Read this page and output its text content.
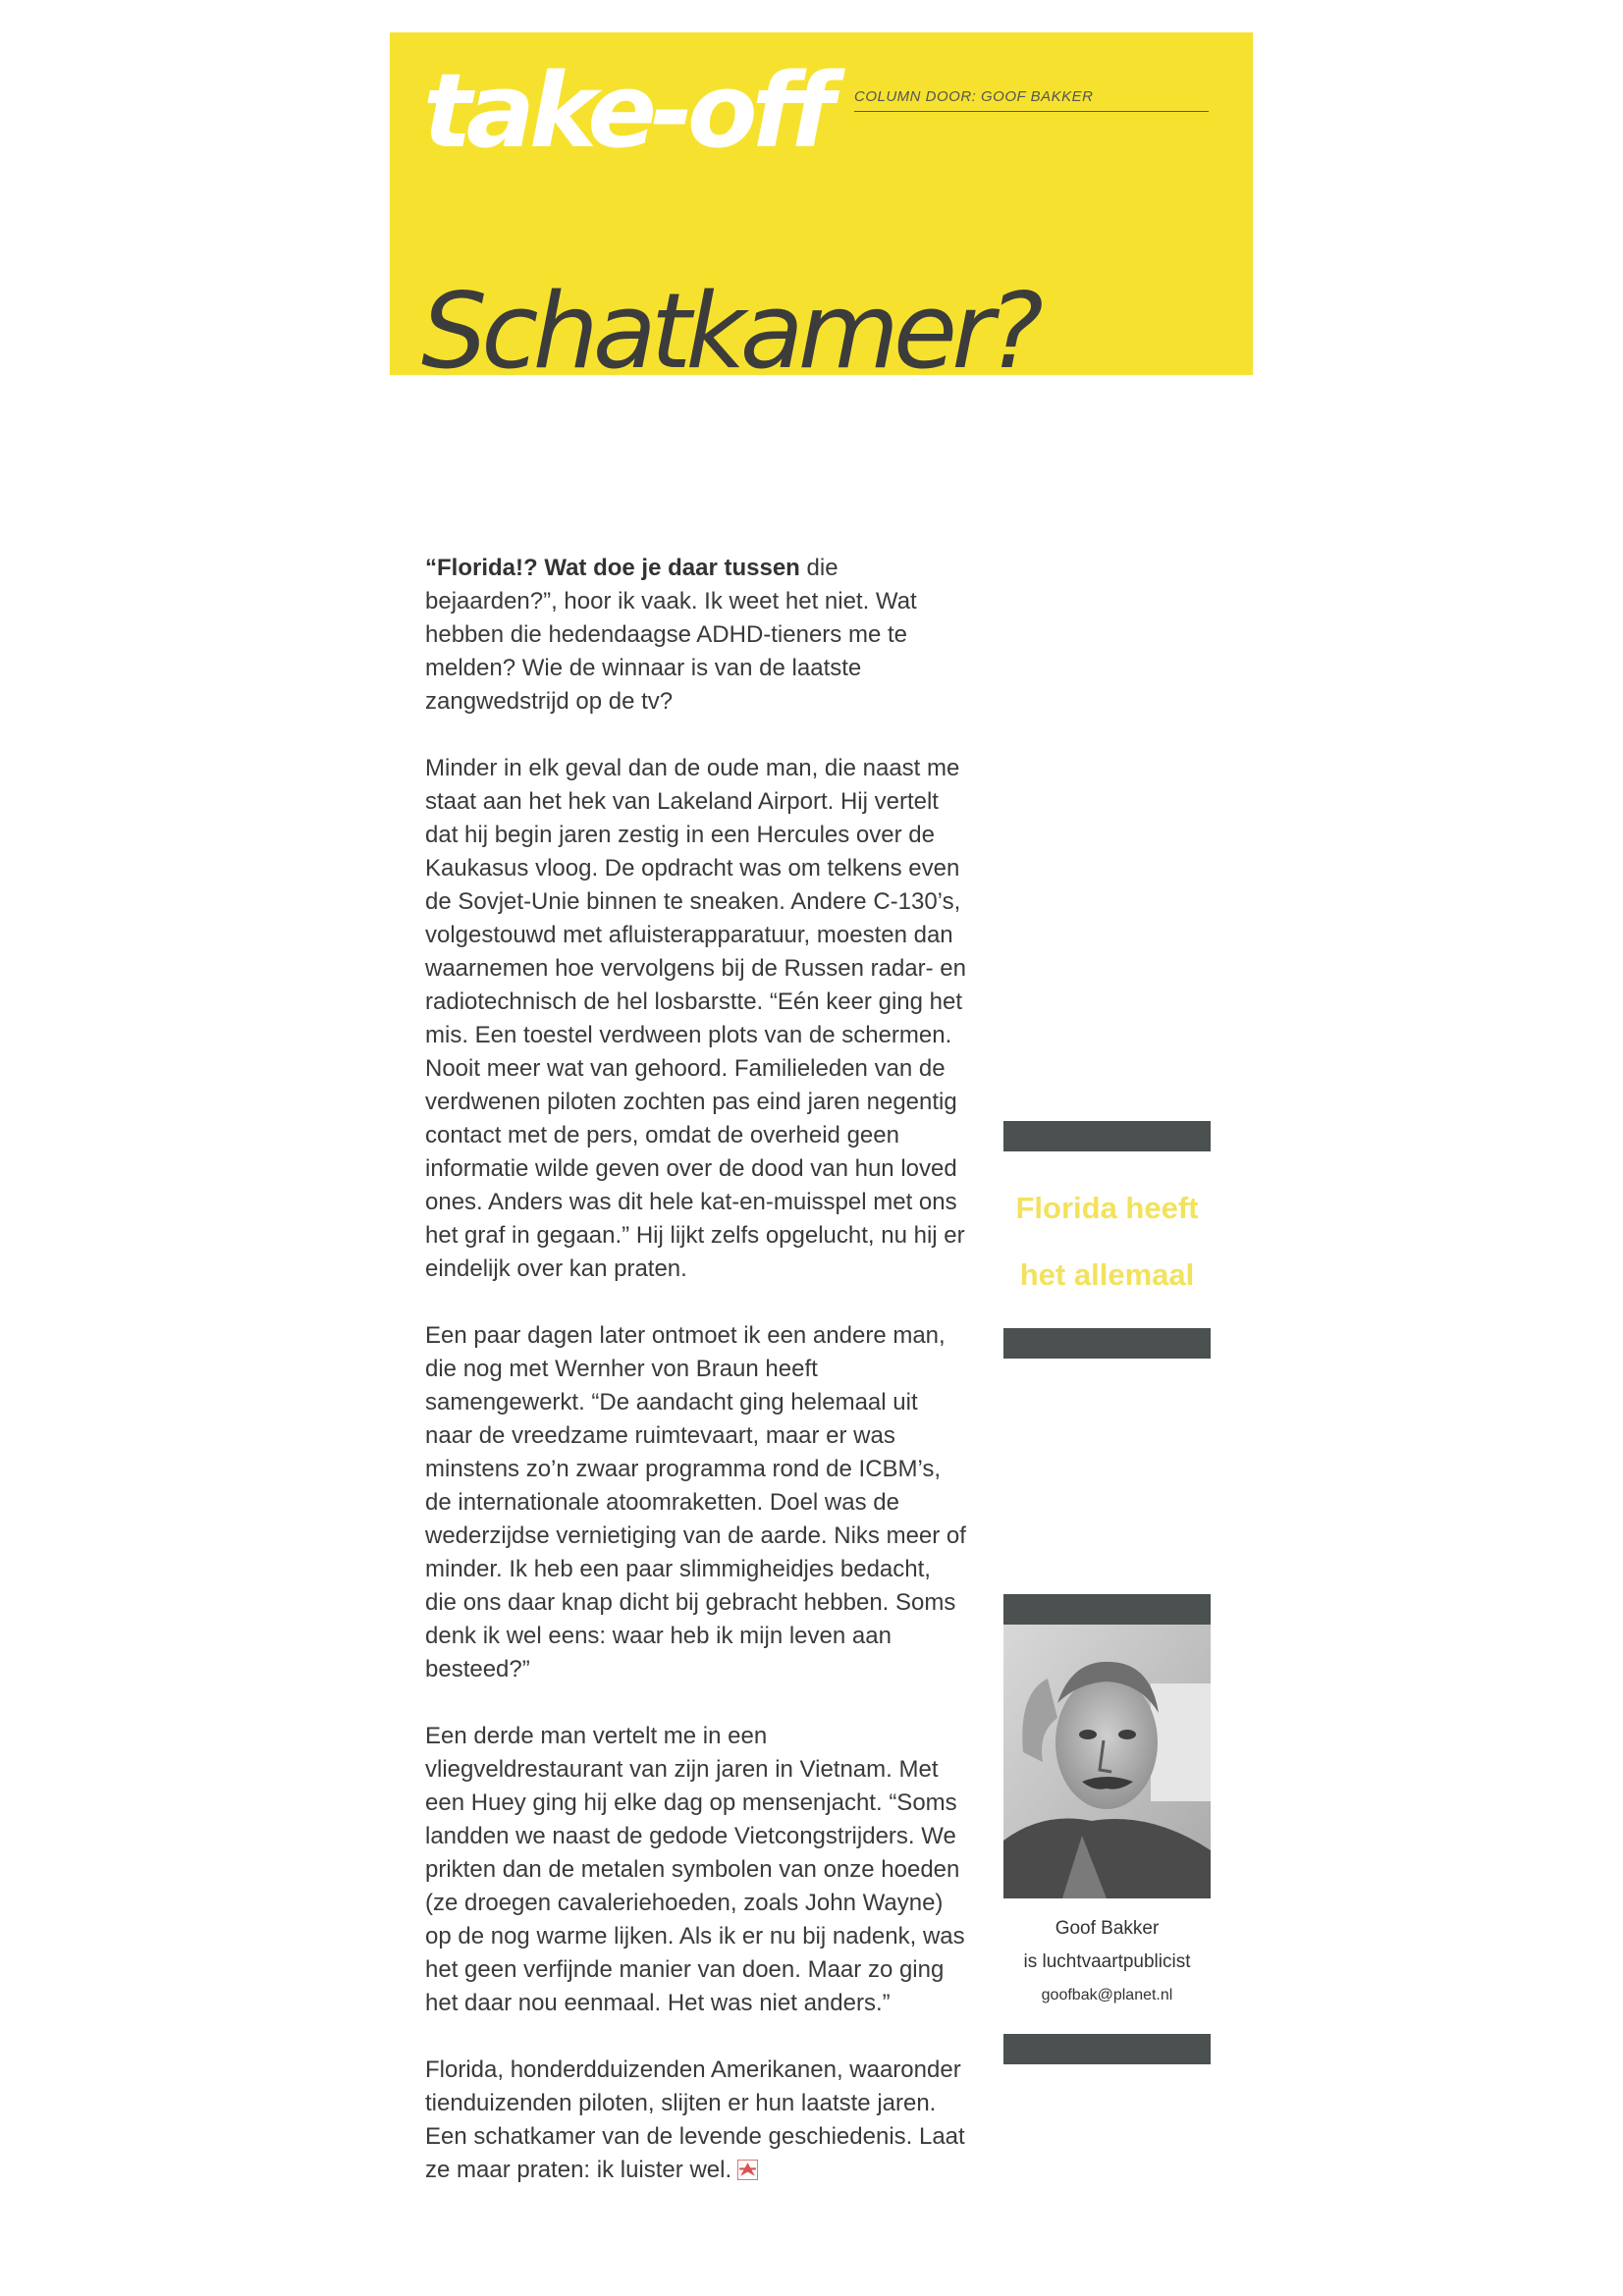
take-off COLUMN DOOR: GOOF BAKKER
Schatkamer?

“Florida!? Wat doe je daar tussen die bejaarden?”, hoor ik vaak. Ik weet het niet. Wat hebben die hedendaagse ADHD-tieners me te melden? Wie de winnaar is van de laatste zangwedstrijd op de tv?

Minder in elk geval dan de oude man, die naast me staat aan het hek van Lakeland Airport. Hij vertelt dat hij begin jaren zestig in een Hercules over de Kaukasus vloog. De opdracht was om telkens even de Sovjet-Unie binnen te sneaken. Andere C-130’s, volgestouwd met afluisterapparatuur, moesten dan waarnemen hoe vervolgens bij de Russen radar- en radiotechnisch de hel losbarstte. “Eén keer ging het mis. Een toestel verdween plots van de schermen. Nooit meer wat van gehoord. Familieleden van de verdwenen piloten zochten pas eind jaren negentig contact met de pers, omdat de overheid geen informatie wilde geven over de dood van hun loved ones. Anders was dit hele kat-en-muisspel met ons het graf in gegaan.” Hij lijkt zelfs opgelucht, nu hij er eindelijk over kan praten.

Een paar dagen later ontmoet ik een andere man, die nog met Wernher von Braun heeft samengewerkt. “De aandacht ging helemaal uit naar de vreedzame ruimtevaart, maar er was minstens zo’n zwaar programma rond de ICBM’s, de internationale atoomraketten. Doel was de wederzijdse vernietiging van de aarde. Niks meer of minder. Ik heb een paar slimmigheidjes bedacht, die ons daar knap dicht bij gebracht hebben. Soms denk ik wel eens: waar heb ik mijn leven aan besteed?”

Een derde man vertelt me in een vliegveldrestaurant van zijn jaren in Vietnam. Met een Huey ging hij elke dag op mensenjacht. “Soms landden we naast de gedode Vietcongstrijders. We prikten dan de metalen symbolen van onze hoeden (ze droegen cavaleriehoeden, zoals John Wayne) op de nog warme lijken. Als ik er nu bij nadenk, was het geen verfijnde manier van doen. Maar zo ging het daar nou eenmaal. Het was niet anders.”

Florida, honderdduizenden Amerikanen, waaronder tienduizenden piloten, slijten er hun laatste jaren. Een schatkamer van de levende geschiedenis. Laat ze maar praten: ik luister wel.

Florida heeft
het allemaal
Goof Bakker
is luchtvaartpublicist
goofbak@planet.nl
